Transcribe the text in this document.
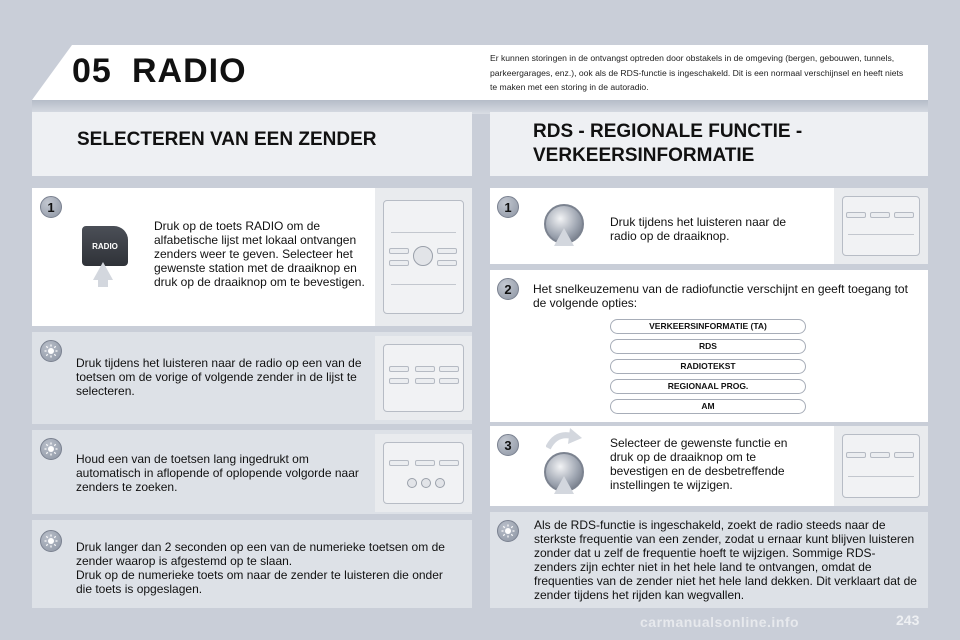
05 RADIO	Er kunnen storingen in de ontvangst optreden door obstakels in de omgeving (bergen, gebouwen, tunnels, parkeergarages, enz.), ook als de RDS-functie is ingeschakeld. Dit is een normaal verschijnsel en heeft niets te maken met een storing in de autoradio.
SELECTEREN VAN EEN ZENDER	RDS - REGIONALE FUNCTIE -
VERKEERSINFORMATIE
1
RADIO
Druk op de toets RADIO om de alfabetische lijst met lokaal ontvangen zenders weer te geven. Selecteer het gewenste station met de draaiknop en druk op de draaiknop om te bevestigen.
Druk tijdens het luisteren naar de radio op een van de toetsen om de vorige of volgende zender in de lijst te selecteren.
Houd een van de toetsen lang ingedrukt om automatisch in aflopende of oplopende volgorde naar zenders te zoeken.
Druk langer dan 2 seconden op een van de numerieke toetsen om de zender waarop is afgestemd op te slaan.
Druk op de numerieke toets om naar de zender te luisteren die onder die toets is opgeslagen.
1
Druk tijdens het luisteren naar de radio op de draaiknop.
2	Het snelkeuzemenu van de radiofunctie verschijnt en geeft toegang tot de volgende opties:
VERKEERSINFORMATIE (TA)
RDS
RADIOTEKST
REGIONAAL PROG.
AM
3	Selecteer de gewenste functie en druk op de draaiknop om te bevestigen en de desbetreffende instellingen te wijzigen.
Als de RDS-functie is ingeschakeld, zoekt de radio steeds naar de sterkste frequentie van een zender, zodat u ernaar kunt blijven luisteren zonder dat u zelf de frequentie hoeft te wijzigen. Sommige RDS-zenders zijn echter niet in het hele land te ontvangen, omdat de frequenties van de zender niet het hele land dekken. Dit verklaart dat de zender tijdens het rijden kan wegvallen.
carmanualsonline.info	243
